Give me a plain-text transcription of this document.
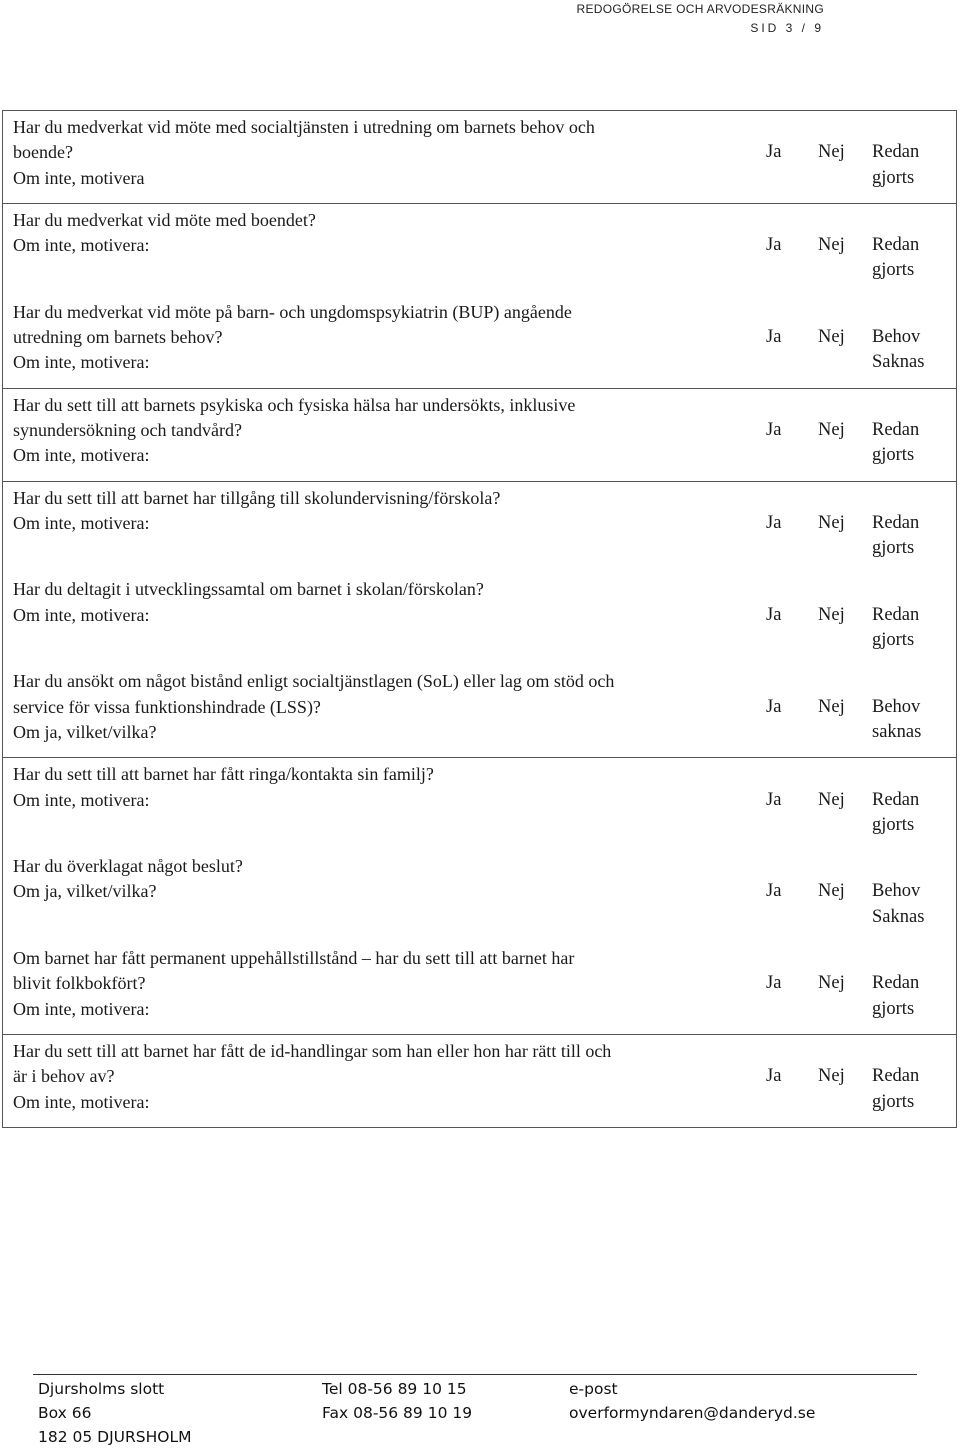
REDOGÖRELSE OCH ARVODESRÄKNING
SID 3 / 9
Har du medverkat vid möte med socialtjänsten i utredning om barnets behov och
boende?
Om inte, motivera
Ja	Nej	Redan gjorts

Har du medverkat vid möte med boendet?
Om inte, motivera:	Ja	Nej	Redan gjorts
Har du medverkat vid möte på barn- och ungdomspsykiatrin (BUP) angående
utredning om barnets behov?
Om inte, motivera:
Ja	Nej	Behov Saknas

Har du sett till att barnets psykiska och fysiska hälsa har undersökts, inklusive
synundersökning och tandvård?
Om inte, motivera:
Ja	Nej	Redan gjorts

Har du sett till att barnet har tillgång till skolundervisning/förskola?
Om inte, motivera:	Ja	Nej	Redan gjorts
Har du deltagit i utvecklingssamtal om barnet i skolan/förskolan?
Om inte, motivera:	Ja	Nej	Redan gjorts
Har du ansökt om något bistånd enligt socialtjänstlagen (SoL) eller lag om stöd och
service för vissa funktionshindrade (LSS)?
Om ja, vilket/vilka?
Ja	Nej	Behov saknas

Har du sett till att barnet har fått ringa/kontakta sin familj?
Om inte, motivera:	Ja	Nej	Redan gjorts
Har du överklagat något beslut?
Om ja, vilket/vilka?	Ja	Nej	Behov Saknas
Om barnet har fått permanent uppehållstillstånd – har du sett till att barnet har
blivit folkbokfört?
Om inte, motivera:
Ja	Nej	Redan gjorts

Har du sett till att barnet har fått de id-handlingar som han eller hon har rätt till och
är i behov av?
Om inte, motivera:
Ja	Nej	Redan gjorts
Djursholms slott
Box 66
182 05 DJURSHOLM
Tel 08-56 89 10 15
Fax 08-56 89 10 19
e-post
overformyndaren@danderyd.se
